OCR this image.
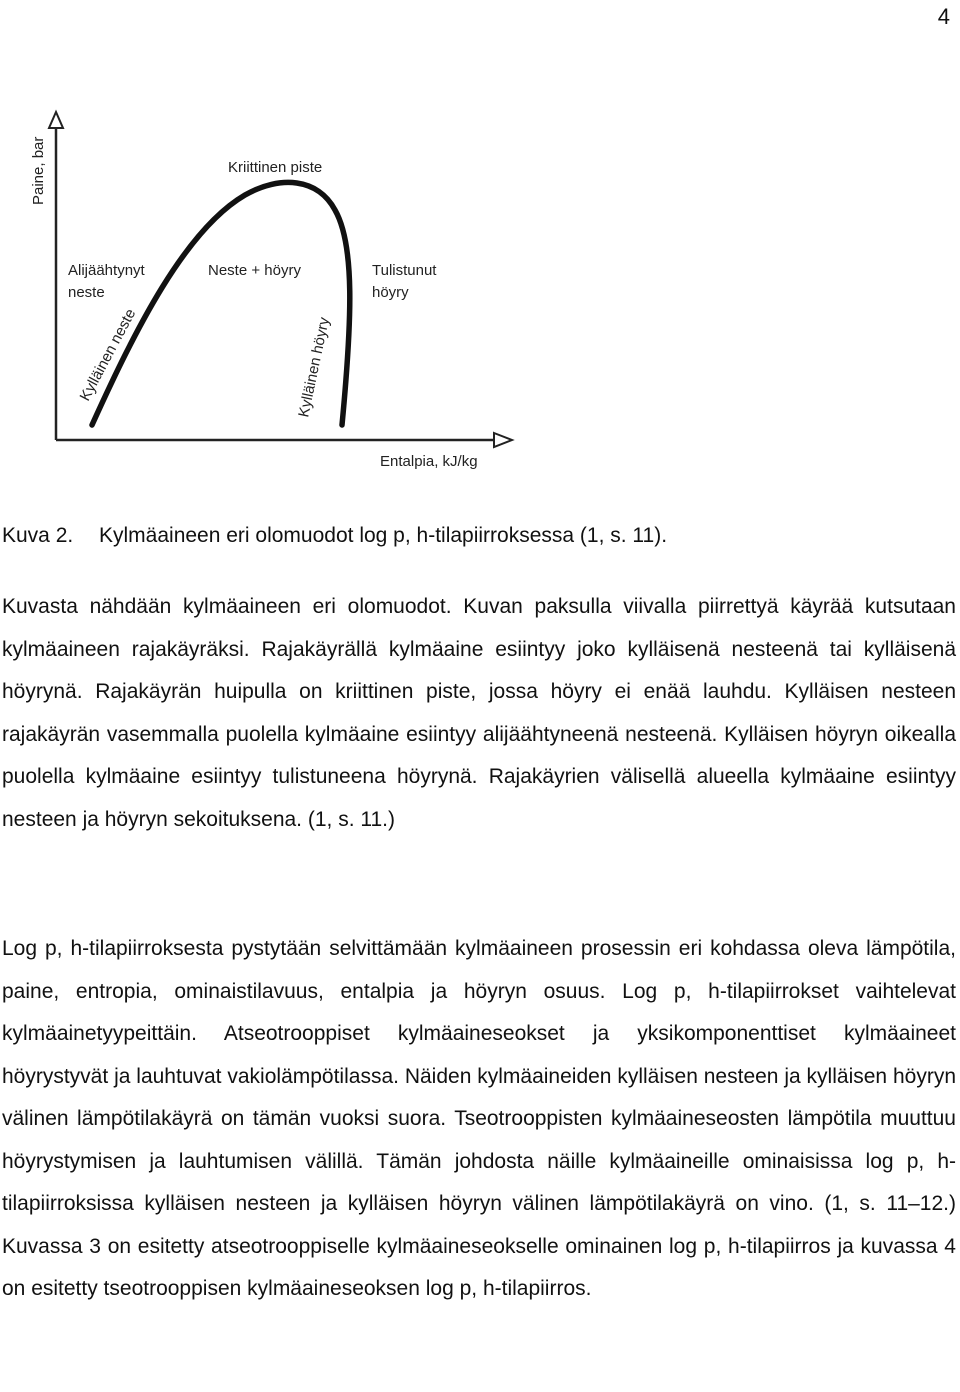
4
Paine, bar
Entalpia, kJ/kg
Kriittinen piste
Alijäähtynyt
neste
Neste + höyry	Tulistunut
höyry
Kylläinen neste	Kylläinen höyry
Kuva 2. Kylmäaineen eri olomuodot log p, h-tilapiirroksessa (1, s. 11).

Kuvasta nähdään kylmäaineen eri olomuodot. Kuvan paksulla viivalla piirrettyä käyrää kutsutaan kylmäaineen rajakäyräksi. Rajakäyrällä kylmäaine esiintyy joko kylläisenä nesteenä tai kylläisenä höyrynä. Rajakäyrän huipulla on kriittinen piste, jossa höyry ei enää lauhdu. Kylläisen nesteen rajakäyrän vasemmalla puolella kylmäaine esiintyy alijäähtyneenä nesteenä. Kylläisen höyryn oikealla puolella kylmäaine esiintyy tulistuneena höyrynä. Rajakäyrien välisellä alueella kylmäaine esiintyy nesteen ja höyryn sekoituksena. (1, s. 11.)

Log p, h-tilapiirroksesta pystytään selvittämään kylmäaineen prosessin eri kohdassa oleva lämpötila, paine, entropia, ominaistilavuus, entalpia ja höyryn osuus. Log p, h-tilapiirrokset vaihtelevat kylmäainetyypeittäin. Atseotrooppiset kylmäaineseokset ja yksikomponenttiset kylmäaineet höyrystyvät ja lauhtuvat vakiolämpötilassa. Näiden kylmäaineiden kylläisen nesteen ja kylläisen höyryn välinen lämpötilakäyrä on tämän vuoksi suora. Tseotrooppisten kylmäaineseosten lämpötila muuttuu höyrystymisen ja lauhtumisen välillä. Tämän johdosta näille kylmäaineille ominaisissa log p, h-tilapiirroksissa kylläisen nesteen ja kylläisen höyryn välinen lämpötilakäyrä on vino. (1, s. 11–12.) Kuvassa 3 on esitetty atseotrooppiselle kylmäaineseokselle ominainen log p, h-tilapiirros ja kuvassa 4 on esitetty tseotrooppisen kylmäaineseoksen log p, h-tilapiirros.
